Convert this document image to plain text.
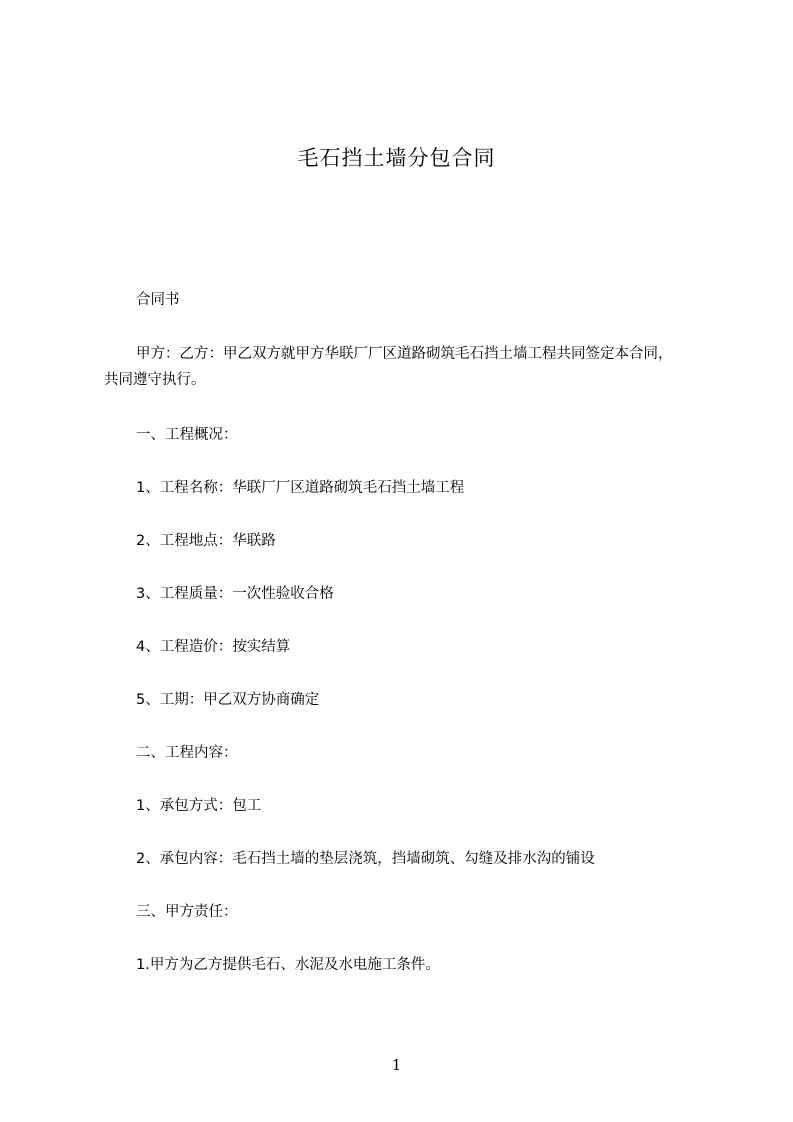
毛石挡土墙分包合同
合同书
甲方：乙方：甲乙双方就甲方华联厂厂区道路砌筑毛石挡土墙工程共同签定本合同，共同遵守执行。
一、工程概况：
1、工程名称：华联厂厂区道路砌筑毛石挡土墙工程
2、工程地点：华联路
3、工程质量：一次性验收合格
4、工程造价：按实结算
5、工期：甲乙双方协商确定
二、工程内容：
1、承包方式：包工
2、承包内容：毛石挡土墙的垫层浇筑，挡墙砌筑、勾缝及排水沟的铺设
三、甲方责任：
1.甲方为乙方提供毛石、水泥及水电施工条件。
1
